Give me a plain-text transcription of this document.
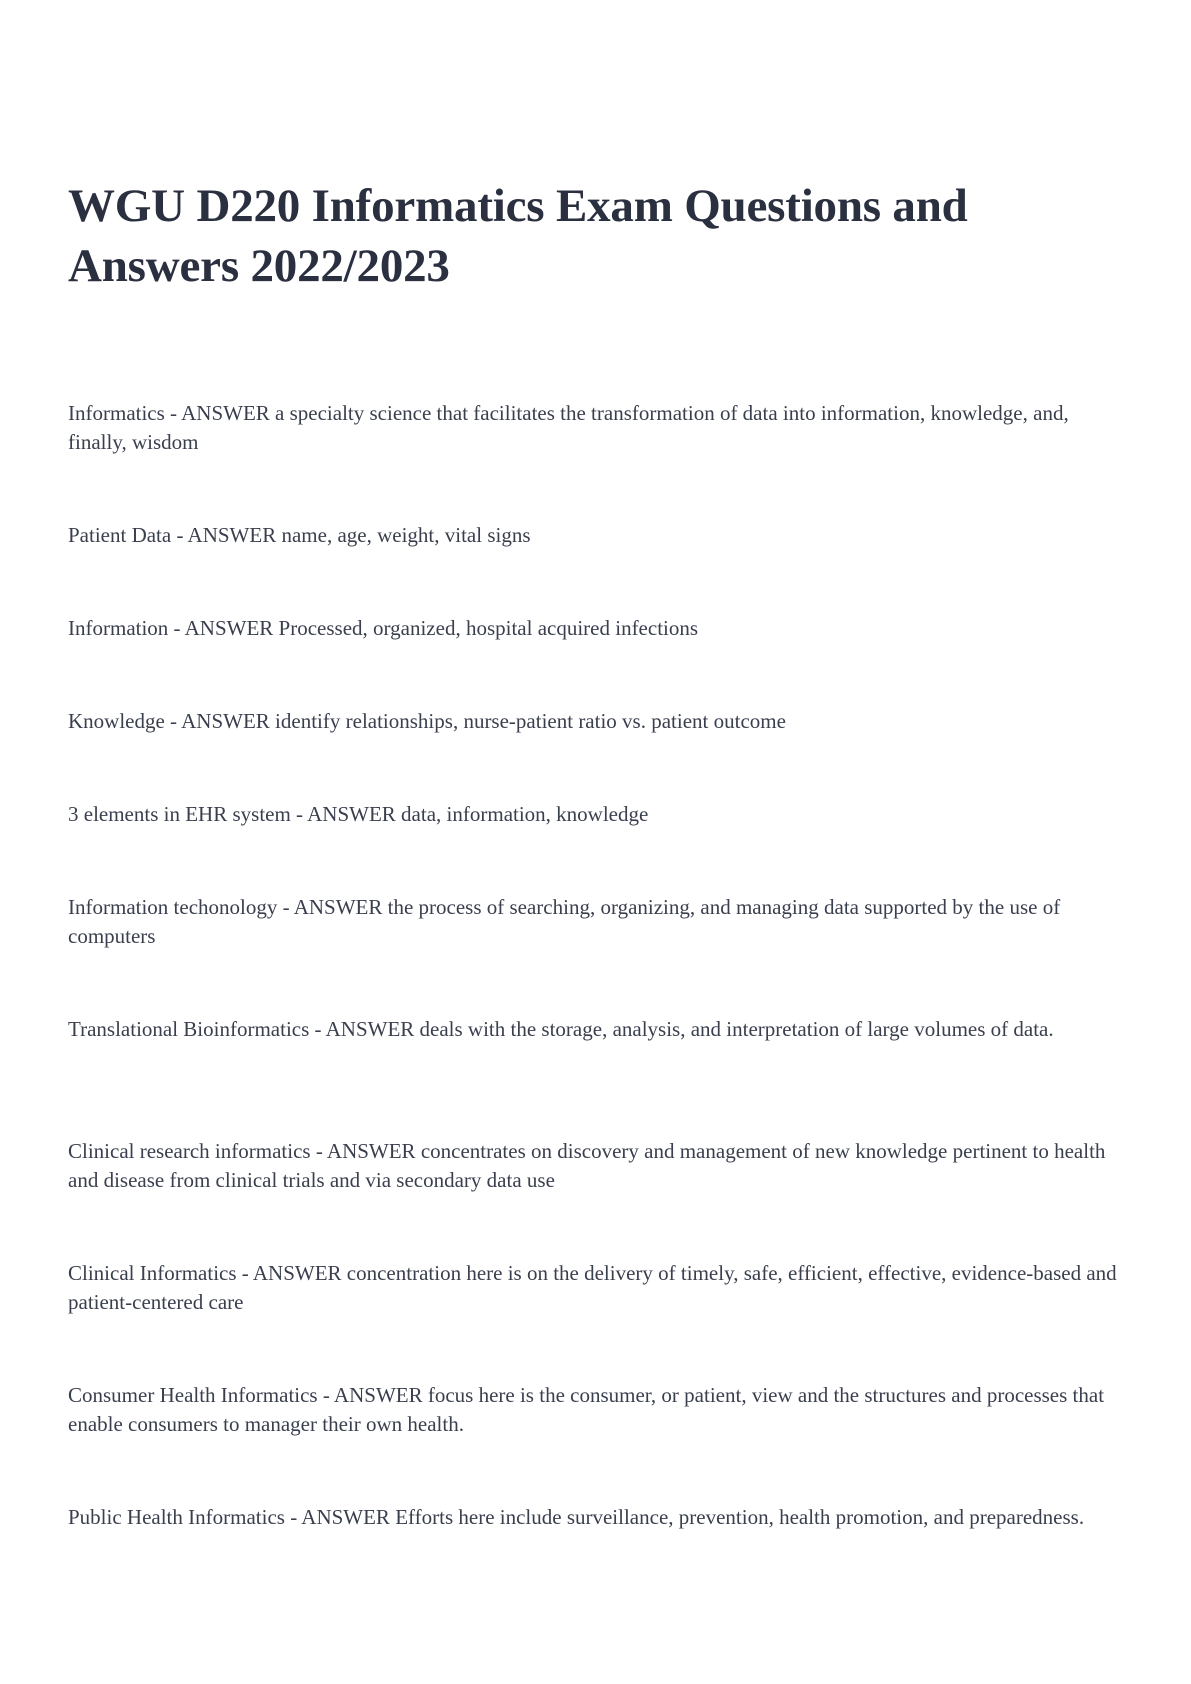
WGU D220 Informatics Exam Questions and Answers 2022/2023

Informatics - ANSWER a specialty science that facilitates the transformation of data into information, knowledge, and, finally, wisdom

Patient Data - ANSWER name, age, weight, vital signs

Information - ANSWER Processed, organized, hospital acquired infections

Knowledge - ANSWER identify relationships, nurse-patient ratio vs. patient outcome

3 elements in EHR system - ANSWER data, information, knowledge

Information techonology - ANSWER the process of searching, organizing, and managing data supported by the use of computers

Translational Bioinformatics - ANSWER deals with the storage, analysis, and interpretation of large volumes of data.

Clinical research informatics - ANSWER concentrates on discovery and management of new knowledge pertinent to health and disease from clinical trials and via secondary data use

Clinical Informatics - ANSWER concentration here is on the delivery of timely, safe, efficient, effective, evidence-based and patient-centered care

Consumer Health Informatics - ANSWER focus here is the consumer, or patient, view and the structures and processes that enable consumers to manager their own health.

Public Health Informatics - ANSWER Efforts here include surveillance, prevention, health promotion, and preparedness.
